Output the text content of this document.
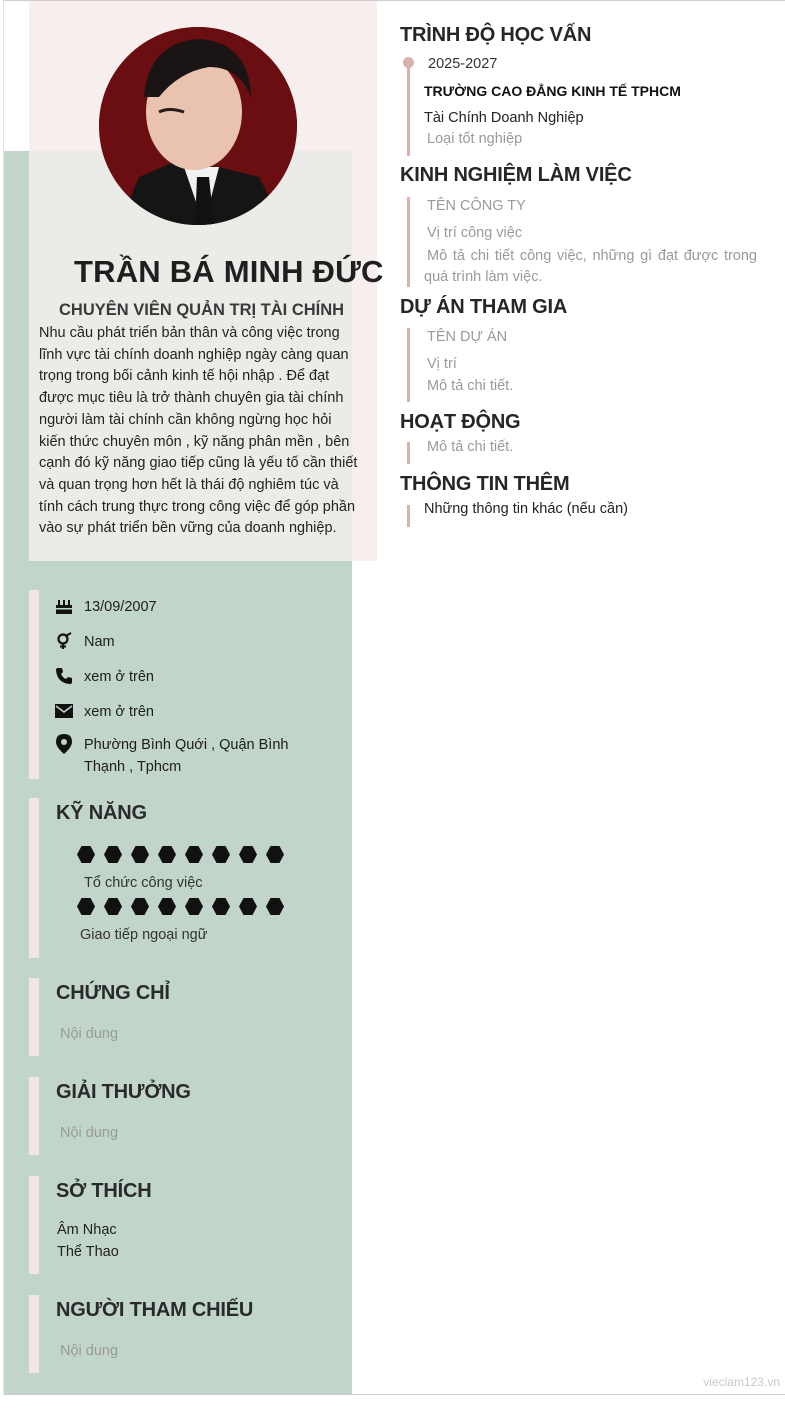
TRẦN BÁ MINH ĐỨC
CHUYÊN VIÊN QUẢN TRỊ TÀI CHÍNH
Nhu cầu phát triển bản thân và công việc trong lĩnh vực tài chính doanh nghiệp ngày càng quan trọng trong bối cảnh kinh tế hội nhập . Để đạt được mục tiêu là trở thành chuyên gia tài chính người làm tài chính cần không ngừng học hỏi kiến thức chuyên môn , kỹ năng phân mền , bên cạnh đó kỹ năng giao tiếp cũng là yếu tố cần thiết và quan trọng hơn hết là thái độ nghiêm túc và tính cách trung thực trong công việc để góp phần vào sự phát triển bền vững của doanh nghiệp.
13/09/2007
Nam
xem ở trên
xem ở trên
Phường Bình Quới , Quận Bình Thạnh , Tphcm
KỸ NĂNG
Tổ chức công việc
Giao tiếp ngoại ngữ
CHỨNG CHỈ
Nội dung
GIẢI THƯỞNG
Nội dung
SỞ THÍCH
Âm Nhạc
Thể Thao
NGƯỜI THAM CHIẾU
Nội dung
TRÌNH ĐỘ HỌC VẤN
2025-2027
TRƯỜNG CAO ĐẲNG KINH TẾ TPHCM
Tài Chính Doanh Nghiệp
Loại tốt nghiệp
KINH NGHIỆM LÀM VIỆC
TÊN CÔNG TY
Vị trí công việc
Mô tả chi tiết công việc, những gì đạt được trong quá trình làm việc.
DỰ ÁN THAM GIA
TÊN DỰ ÁN
Vị trí
Mô tả chi tiết.
HOẠT ĐỘNG
Mô tả chi tiết.
THÔNG TIN THÊM
Những thông tin khác (nếu cần)
vieclam123.vn
